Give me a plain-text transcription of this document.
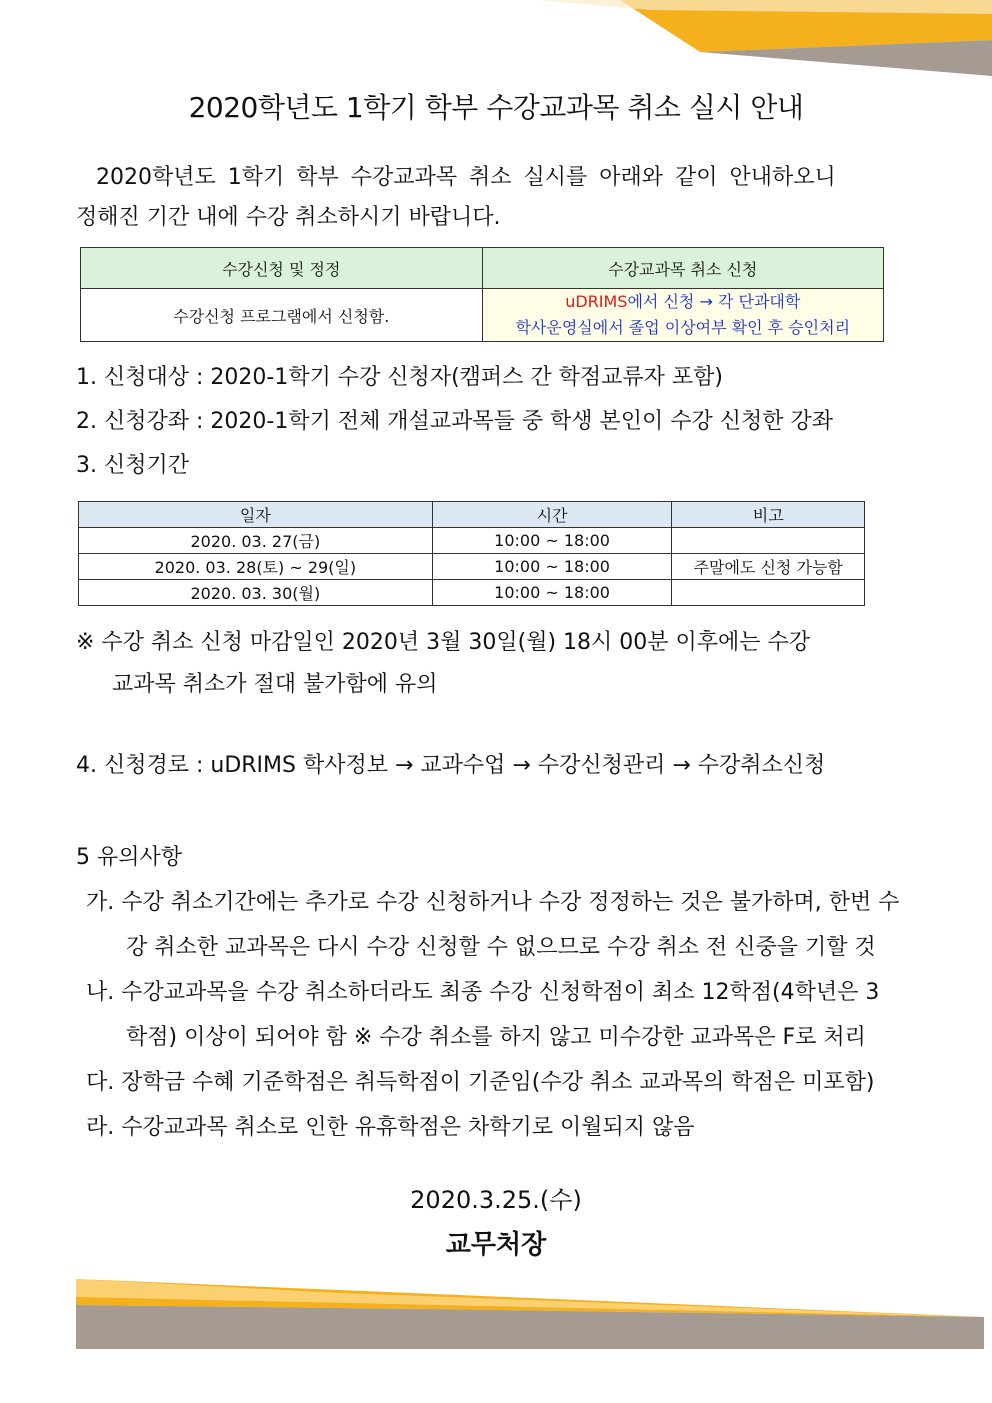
2020학년도 1학기 학부 수강교과목 취소 실시 안내
2020학년도 1학기 학부 수강교과목 취소 실시를 아래와 같이 안내하오니
정해진 기간 내에 수강 취소하시기 바랍니다.
수강신청 및 정정	수강교과목 취소 신청
수강신청 프로그램에서 신청함.	uDRIMS에서 신청 → 각 단과대학
학사운영실에서 졸업 이상여부 확인 후 승인처리
1. 신청대상 : 2020-1학기 수강 신청자(캠퍼스 간 학점교류자 포함)
2. 신청강좌 : 2020-1학기 전체 개설교과목들 중 학생 본인이 수강 신청한 강좌
3. 신청기간
일자	시간	비고
2020. 03. 27(금)	10:00 ~ 18:00	
2020. 03. 28(토) ~ 29(일)	10:00 ~ 18:00	주말에도 신청 가능함
2020. 03. 30(월)	10:00 ~ 18:00	
※ 수강 취소 신청 마감일인 2020년 3월 30일(월) 18시 00분 이후에는 수강
교과목 취소가 절대 불가함에 유의
4. 신청경로 : uDRIMS 학사정보 → 교과수업 → 수강신청관리 → 수강취소신청
5 유의사항
가. 수강 취소기간에는 추가로 수강 신청하거나 수강 정정하는 것은 불가하며, 한번 수
강 취소한 교과목은 다시 수강 신청할 수 없으므로 수강 취소 전 신중을 기할 것
나. 수강교과목을 수강 취소하더라도 최종 수강 신청학점이 최소 12학점(4학년은 3
학점) 이상이 되어야 함 ※ 수강 취소를 하지 않고 미수강한 교과목은 F로 처리
다. 장학금 수혜 기준학점은 취득학점이 기준임(수강 취소 교과목의 학점은 미포함)
라. 수강교과목 취소로 인한 유휴학점은 차학기로 이월되지 않음
2020.3.25.(수)
교무처장
